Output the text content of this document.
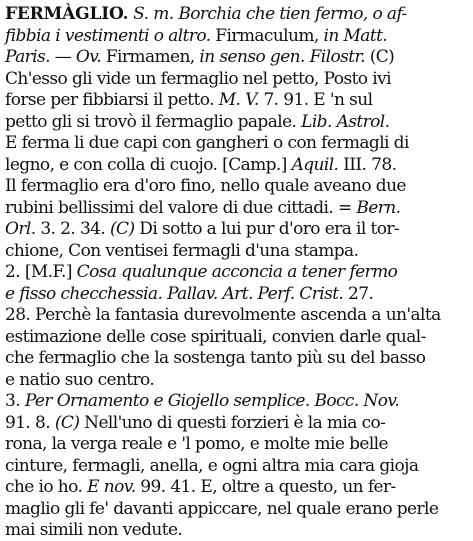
FERMÀGLIO. S. m. Borchia che tien fermo, o af-
fibbia i vestimenti o altro. Firmaculum, in Matt.
Paris. — Ov. Firmamen, in senso gen. Filostr. (C)
Ch'esso gli vide un fermaglio nel petto, Posto ivi
forse per fibbiarsi il petto. M. V. 7. 91. E 'n sul
petto gli si trovò il fermaglio papale. Lib. Astrol.
E ferma li due capi con gangheri o con fermagli di
legno, e con colla di cuojo. [Camp.] Aquil. III. 78.
Il fermaglio era d'oro fino, nello quale aveano due
rubini bellissimi del valore di due cittadi. = Bern.
Orl. 3. 2. 34. (C) Di sotto a lui pur d'oro era il tor-
chione, Con ventisei fermagli d'una stampa.
2. [M.F.] Cosa qualunque acconcia a tener fermo
e fisso checchessia. Pallav. Art. Perf. Crist. 27.
28. Perchè la fantasia durevolmente ascenda a un'alta
estimazione delle cose spirituali, convien darle qual-
che fermaglio che la sostenga tanto più su del basso
e natio suo centro.
3. Per Ornamento e Giojello semplice. Bocc. Nov.
91. 8. (C) Nell'uno di questi forzieri è la mia co-
rona, la verga reale e 'l pomo, e molte mie belle
cinture, fermagli, anella, e ogni altra mia cara gioja
che io ho. E nov. 99. 41. E, oltre a questo, un fer-
maglio gli fe' davanti appiccare, nel quale erano perle
mai simili non vedute.
